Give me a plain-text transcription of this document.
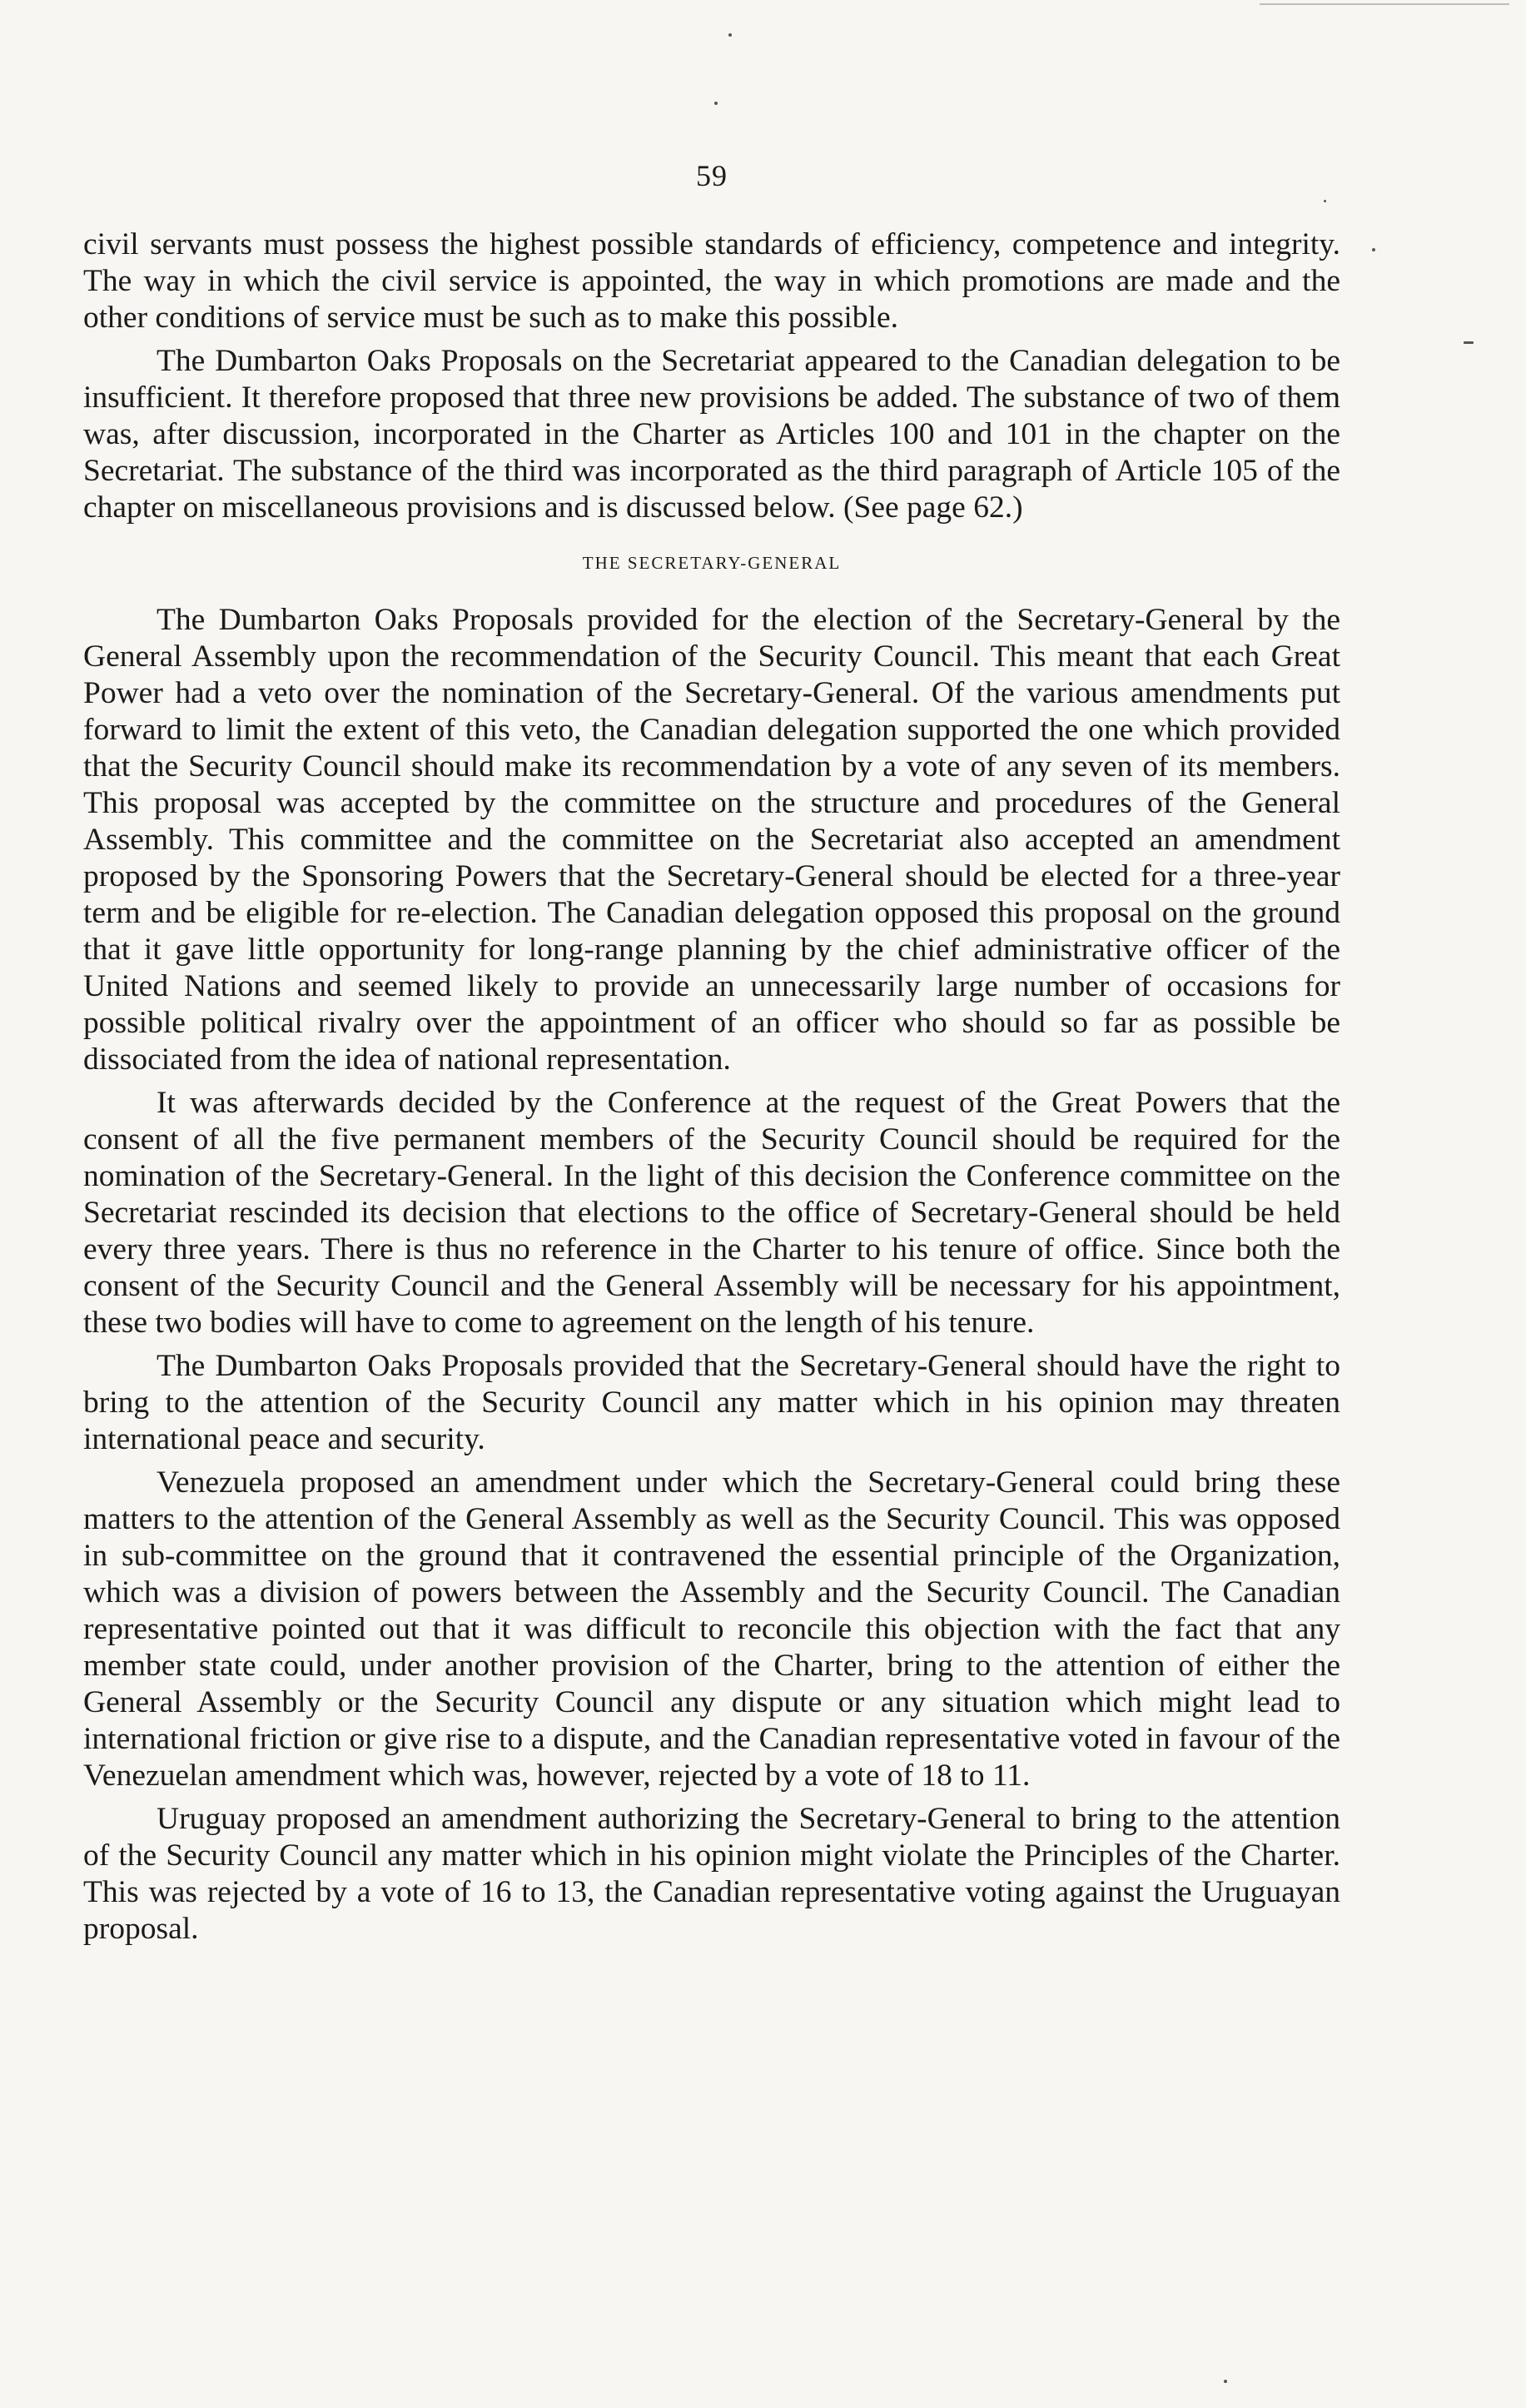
59

civil servants must possess the highest possible standards of efficiency, competence and integrity. The way in which the civil service is appointed, the way in which promotions are made and the other conditions of service must be such as to make this possible.

The Dumbarton Oaks Proposals on the Secretariat appeared to the Canadian delegation to be insufficient. It therefore proposed that three new provisions be added. The substance of two of them was, after discussion, incorporated in the Charter as Articles 100 and 101 in the chapter on the Secretariat. The substance of the third was incorporated as the third paragraph of Article 105 of the chapter on miscellaneous provisions and is discussed below. (See page 62.)

THE SECRETARY-GENERAL

The Dumbarton Oaks Proposals provided for the election of the Secretary-General by the General Assembly upon the recommendation of the Security Council. This meant that each Great Power had a veto over the nomination of the Secretary-General. Of the various amendments put forward to limit the extent of this veto, the Canadian delegation supported the one which provided that the Security Council should make its recommendation by a vote of any seven of its members. This proposal was accepted by the committee on the structure and procedures of the General Assembly. This committee and the committee on the Secretariat also accepted an amendment proposed by the Sponsoring Powers that the Secretary-General should be elected for a three-year term and be eligible for re-election. The Canadian delegation opposed this proposal on the ground that it gave little opportunity for long-range planning by the chief administrative officer of the United Nations and seemed likely to provide an unnecessarily large number of occasions for possible political rivalry over the appointment of an officer who should so far as possible be dissociated from the idea of national representation.

It was afterwards decided by the Conference at the request of the Great Powers that the consent of all the five permanent members of the Security Council should be required for the nomination of the Secretary-General. In the light of this decision the Conference committee on the Secretariat rescinded its decision that elections to the office of Secretary-General should be held every three years. There is thus no reference in the Charter to his tenure of office. Since both the consent of the Security Council and the General Assembly will be necessary for his appointment, these two bodies will have to come to agreement on the length of his tenure.

The Dumbarton Oaks Proposals provided that the Secretary-General should have the right to bring to the attention of the Security Council any matter which in his opinion may threaten international peace and security.

Venezuela proposed an amendment under which the Secretary-General could bring these matters to the attention of the General Assembly as well as the Security Council. This was opposed in sub-committee on the ground that it contravened the essential principle of the Organization, which was a division of powers between the Assembly and the Security Council. The Canadian representative pointed out that it was difficult to reconcile this objection with the fact that any member state could, under another provision of the Charter, bring to the attention of either the General Assembly or the Security Council any dispute or any situation which might lead to international friction or give rise to a dispute, and the Canadian representative voted in favour of the Venezuelan amendment which was, however, rejected by a vote of 18 to 11.

Uruguay proposed an amendment authorizing the Secretary-General to bring to the attention of the Security Council any matter which in his opinion might violate the Principles of the Charter. This was rejected by a vote of 16 to 13, the Canadian representative voting against the Uruguayan proposal.
